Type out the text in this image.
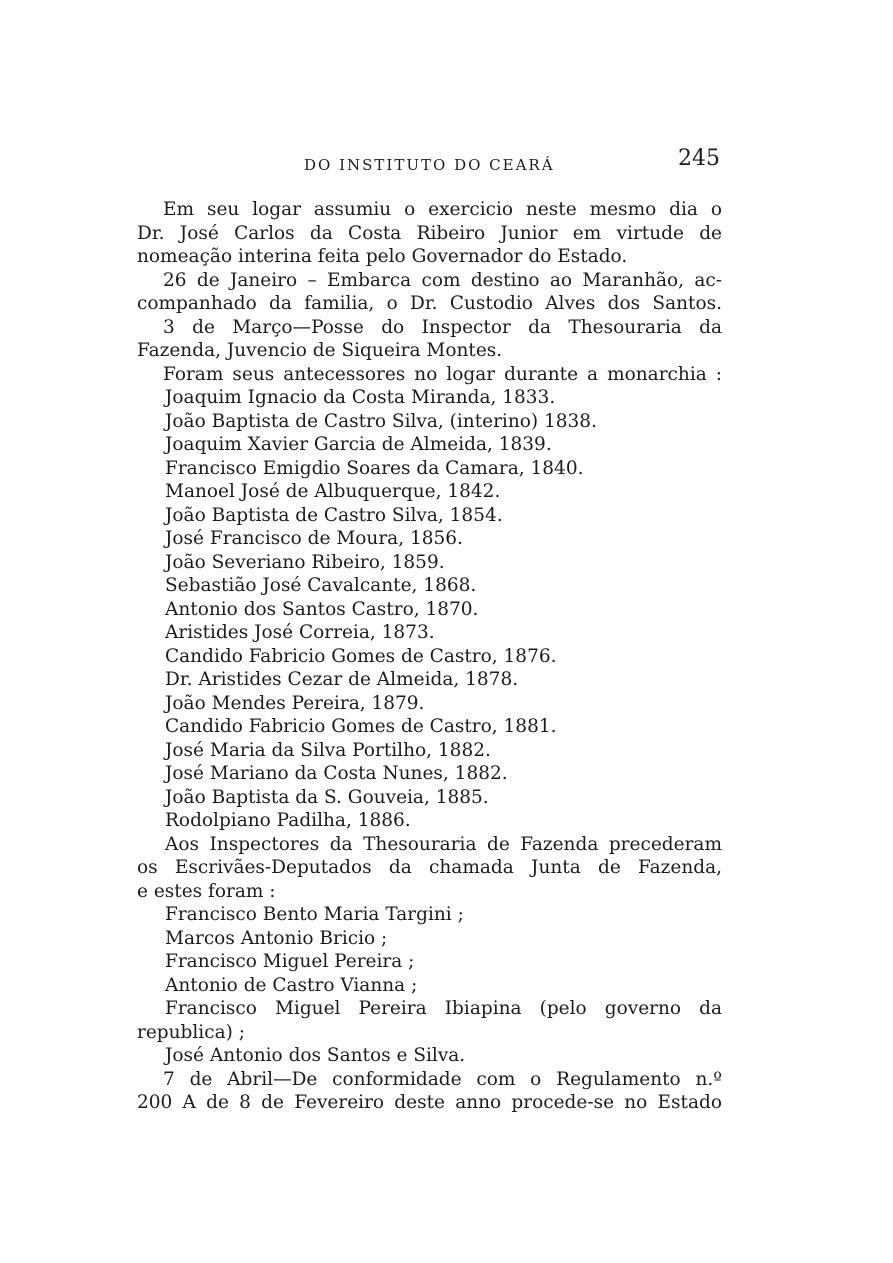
DO INSTITUTO DO CEARÁ	245
Em seu logar assumiu o exercicio neste mesmo dia o
Dr. José Carlos da Costa Ribeiro Junior em virtude de
nomeação interina feita pelo Governador do Estado.
26 de Janeiro – Embarca com destino ao Maranhão, ac-
companhado da familia, o Dr. Custodio Alves dos Santos.
3 de Março—Posse do Inspector da Thesouraria da
Fazenda, Juvencio de Siqueira Montes.
Foram seus antecessores no logar durante a monarchia :
Joaquim Ignacio da Costa Miranda, 1833.
João Baptista de Castro Silva, (interino) 1838.
Joaquim Xavier Garcia de Almeida, 1839.
Francisco Emigdio Soares da Camara, 1840.
Manoel José de Albuquerque, 1842.
João Baptista de Castro Silva, 1854.
José Francisco de Moura, 1856.
João Severiano Ribeiro, 1859.
Sebastião José Cavalcante, 1868.
Antonio dos Santos Castro, 1870.
Aristides José Correia, 1873.
Candido Fabricio Gomes de Castro, 1876.
Dr. Aristides Cezar de Almeida, 1878.
João Mendes Pereira, 1879.
Candido Fabricio Gomes de Castro, 1881.
José Maria da Silva Portilho, 1882.
José Mariano da Costa Nunes, 1882.
João Baptista da S. Gouveia, 1885.
Rodolpiano Padilha, 1886.
Aos Inspectores da Thesouraria de Fazenda precederam
os Escrivães-Deputados da chamada Junta de Fazenda,
e estes foram :
Francisco Bento Maria Targini ;
Marcos Antonio Bricio ;
Francisco Miguel Pereira ;
Antonio de Castro Vianna ;
Francisco Miguel Pereira Ibiapina (pelo governo da
republica) ;
José Antonio dos Santos e Silva.
7 de Abril—De conformidade com o Regulamento n.º
200 A de 8 de Fevereiro deste anno procede-se no Estado
